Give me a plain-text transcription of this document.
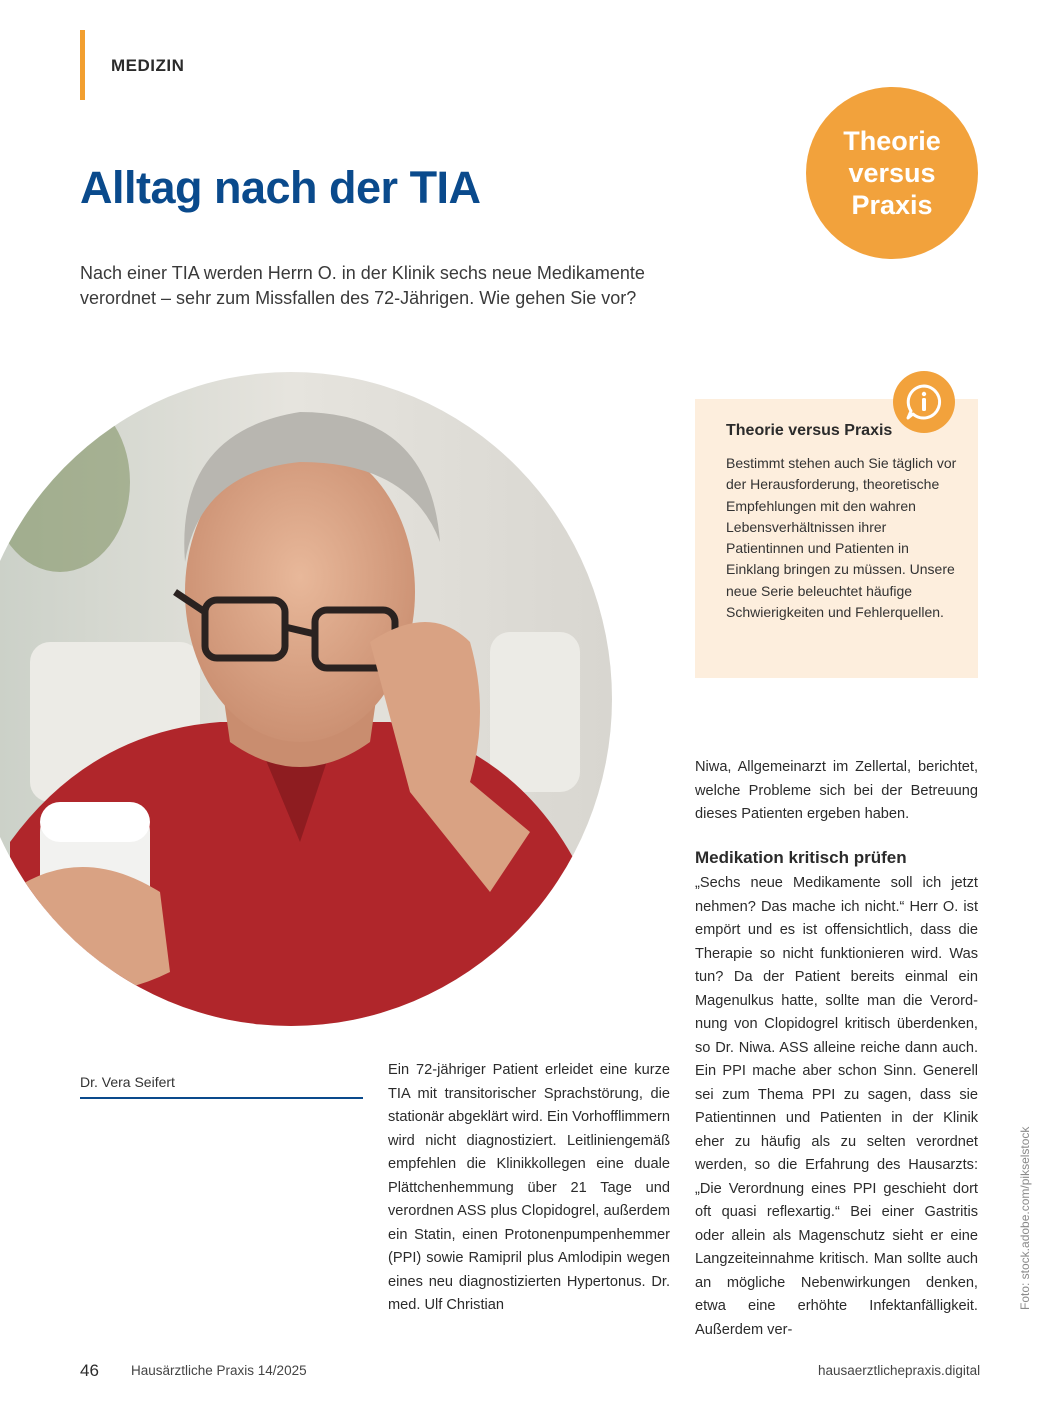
MEDIZIN
Alltag nach der TIA
Theorie
versus
Praxis
Nach einer TIA werden Herrn O. in der Klinik sechs neue Medikamente verordnet – sehr zum Missfallen des 72-Jährigen. Wie gehen Sie vor?
Theorie versus Praxis
Bestimmt stehen auch Sie täglich vor der Herausforderung, theoretische Empfehlungen mit den wahren Lebensverhältnissen ihrer Patientinnen und Patienten in Einklang bringen zu müssen. Unsere neue Serie beleuchtet häufige Schwierigkeiten und Fehlerquellen.
Dr. Vera Seifert
Ein 72-jähriger Patient erleidet eine kurze TIA mit transitorischer Sprachstörung, die stationär abgeklärt wird. Ein Vorhofflimmern wird nicht diagnostiziert. Leitliniengemäß empfehlen die Klinikkollegen eine duale Plättchenhemmung über 21 Tage und verordnen ASS plus Clopidogrel, außerdem ein Statin, einen Protonenpumpenhemmer (PPI) sowie Ramipril plus Amlodipin wegen eines neu diagnostizierten Hypertonus. Dr. med. Ulf Christian
Niwa, Allgemeinarzt im Zellertal, berichtet, welche Probleme sich bei der Betreuung dieses Patienten ergeben haben.
Medikation kritisch prüfen
„Sechs neue Medikamente soll ich jetzt nehmen? Das mache ich nicht.“ Herr O. ist empört und es ist offensichtlich, dass die Therapie so nicht funktionieren wird. Was tun? Da der Patient bereits einmal ein Magenulkus hatte, sollte man die Verordnung von Clopidogrel kritisch überdenken, so Dr. Niwa. ASS alleine reiche dann auch. Ein PPI mache aber schon Sinn. Generell sei zum Thema PPI zu sagen, dass sie Patientinnen und Patienten in der Klinik eher zu häufig als zu selten verordnet werden, so die Erfahrung des Hausarzts: „Die Verordnung eines PPI geschieht dort oft quasi reflexartig.“ Bei einer Gastritis oder allein als Magenschutz sieht er eine Langzeiteinnahme kritisch. Man sollte auch an mögliche Nebenwirkungen denken, etwa eine erhöhte Infektanfälligkeit. Außerdem ver-
Foto: stock.adobe.com/pikselstock
46 Hausärztliche Praxis 14/2025	hausaerztlichepraxis.digital
